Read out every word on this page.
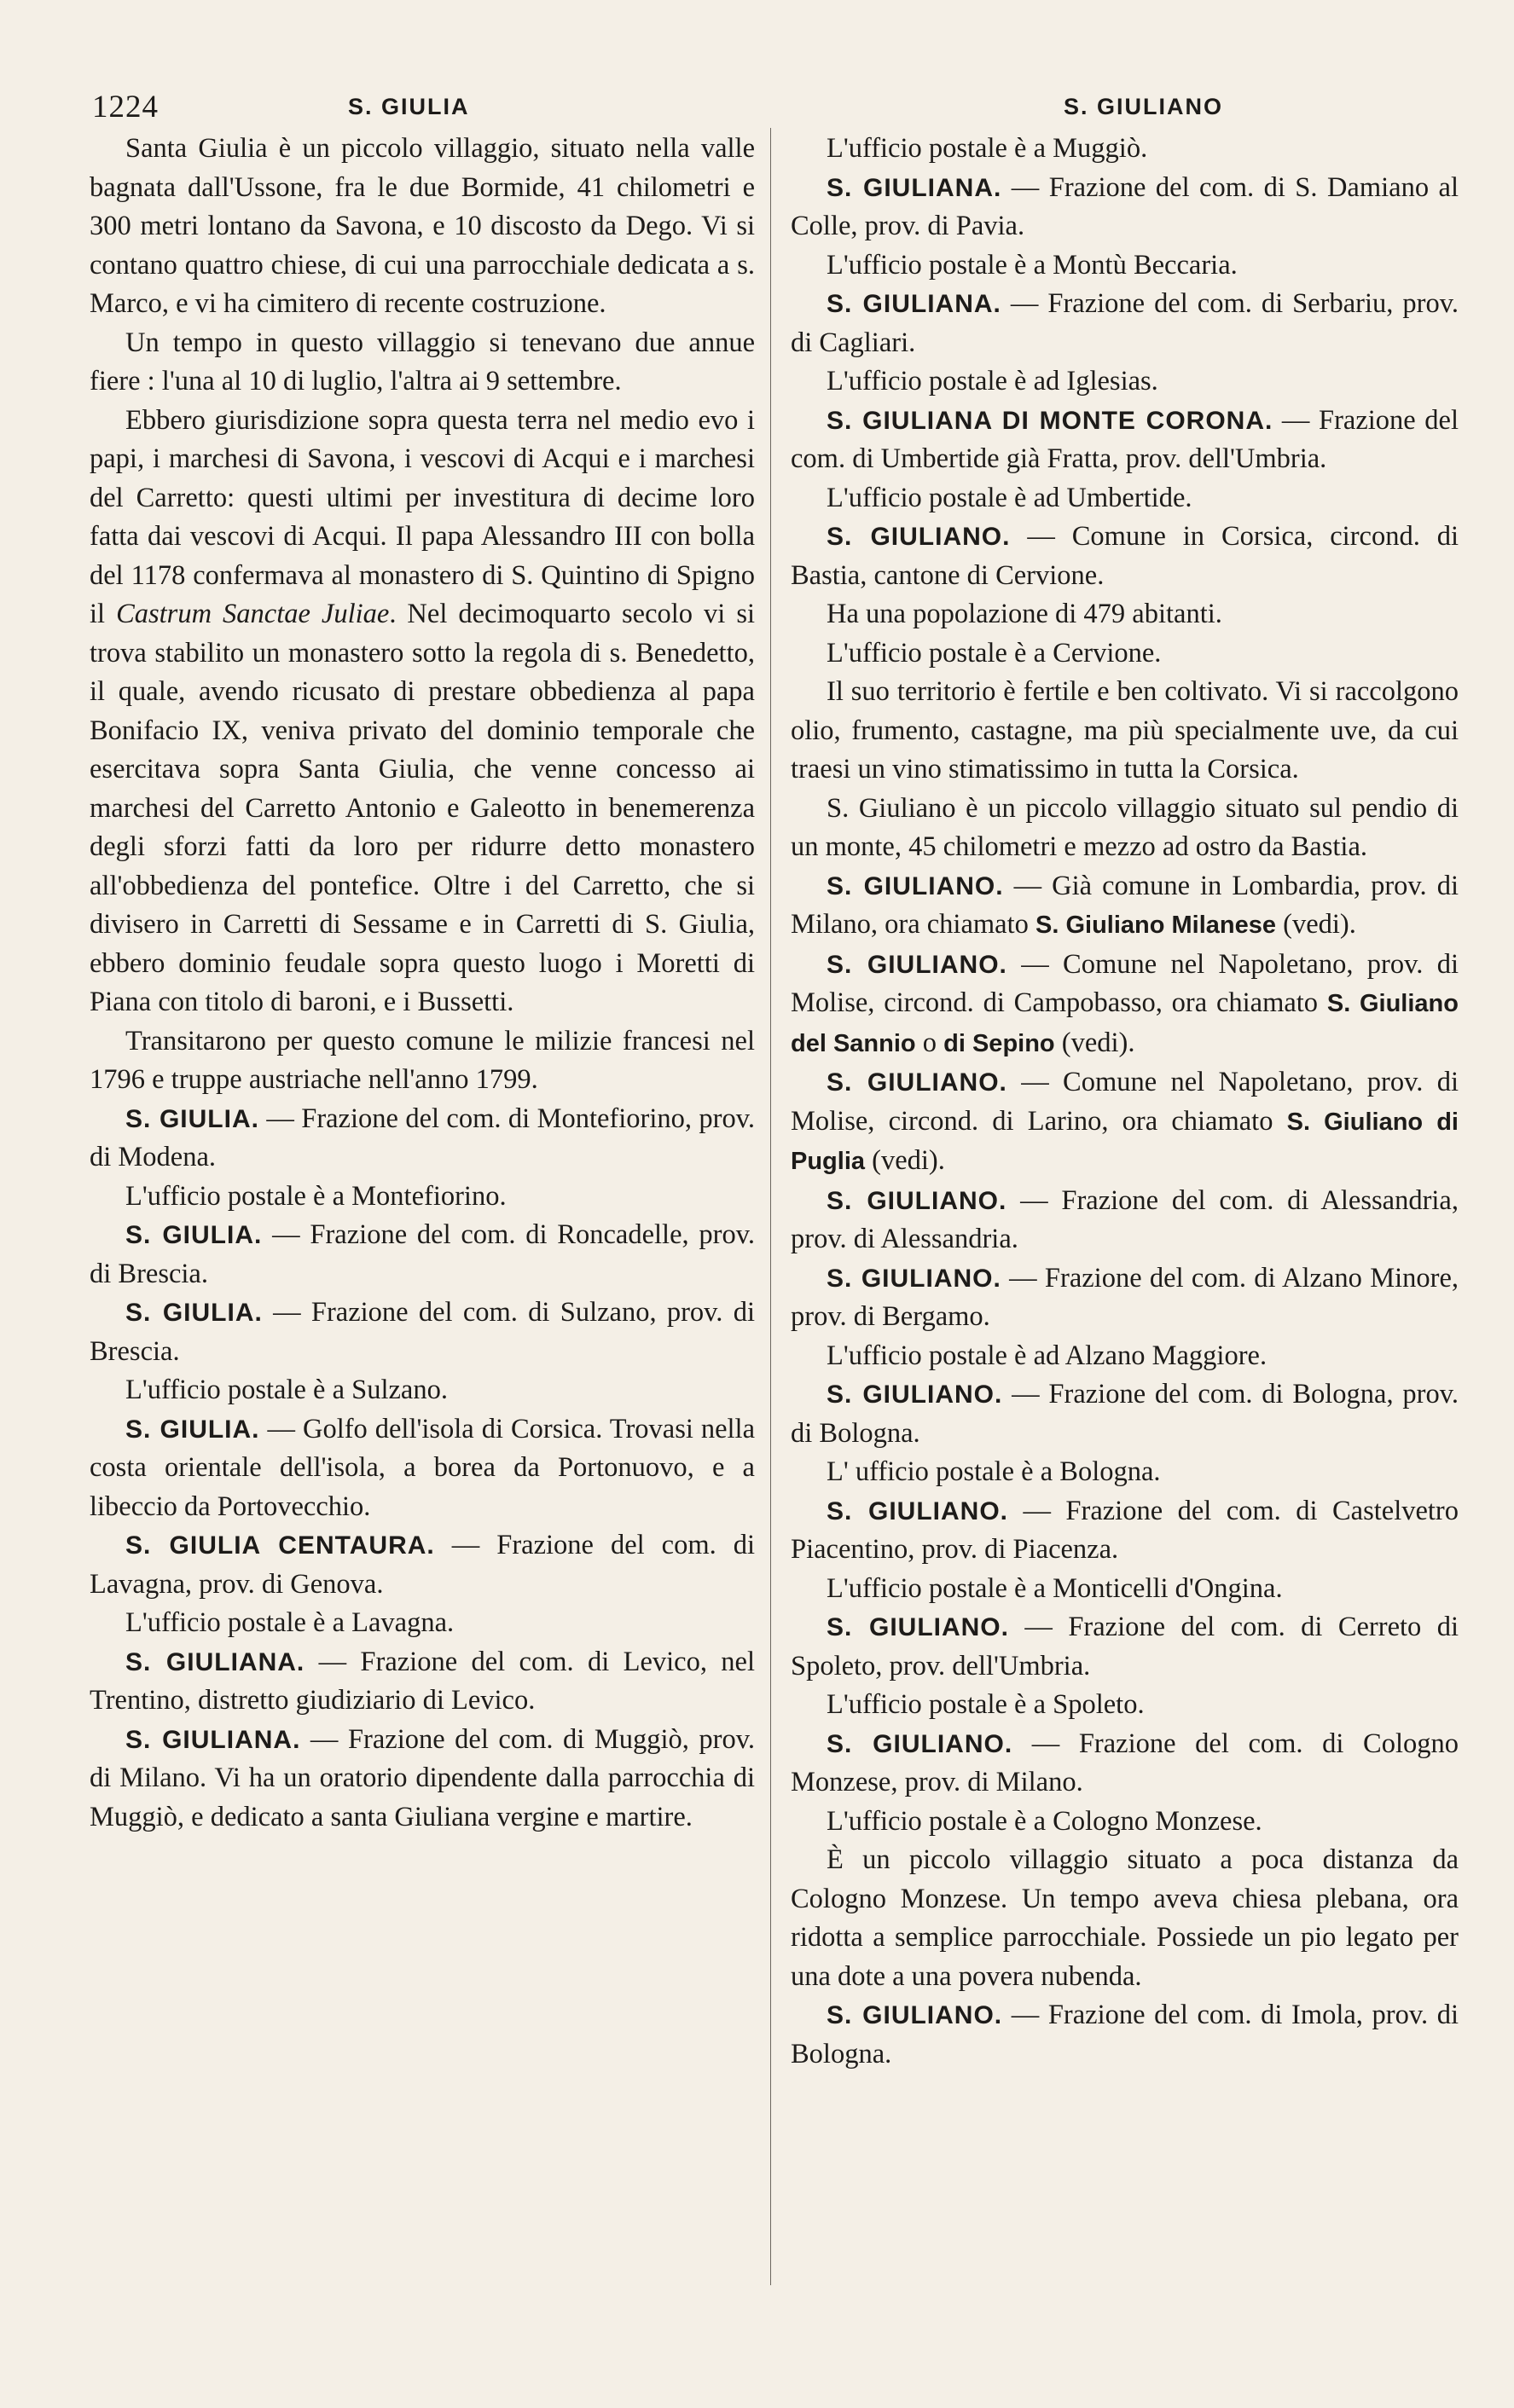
1224	S. GIULIA	S. GIULIANO

Santa Giulia è un piccolo villaggio, situato nella valle bagnata dall'Ussone, fra le due Bormide, 41 chilometri e 300 metri lontano da Savona, e 10 discosto da Dego. Vi si contano quattro chiese, di cui una parrocchiale dedicata a s. Marco, e vi ha cimitero di recente costruzione.

Un tempo in questo villaggio si tenevano due annue fiere : l'una al 10 di luglio, l'altra ai 9 settembre.

Ebbero giurisdizione sopra questa terra nel medio evo i papi, i marchesi di Savona, i vescovi di Acqui e i marchesi del Carretto: questi ultimi per investitura di decime loro fatta dai vescovi di Acqui. Il papa Alessandro III con bolla del 1178 confermava al monastero di S. Quintino di Spigno il Castrum Sanctae Juliae. Nel decimoquarto secolo vi si trova stabilito un monastero sotto la regola di s. Benedetto, il quale, avendo ricusato di prestare obbedienza al papa Bonifacio IX, veniva privato del dominio temporale che esercitava sopra Santa Giulia, che venne concesso ai marchesi del Carretto Antonio e Galeotto in benemerenza degli sforzi fatti da loro per ridurre detto monastero all'obbedienza del pontefice. Oltre i del Carretto, che si divisero in Carretti di Sessame e in Carretti di S. Giulia, ebbero dominio feudale sopra questo luogo i Moretti di Piana con titolo di baroni, e i Bussetti.

Transitarono per questo comune le milizie francesi nel 1796 e truppe austriache nell'anno 1799.

S. GIULIA. — Frazione del com. di Montefiorino, prov. di Modena.

L'ufficio postale è a Montefiorino.

S. GIULIA. — Frazione del com. di Roncadelle, prov. di Brescia.

S. GIULIA. — Frazione del com. di Sulzano, prov. di Brescia.

L'ufficio postale è a Sulzano.

S. GIULIA. — Golfo dell'isola di Corsica. Trovasi nella costa orientale dell'isola, a borea da Portonuovo, e a libeccio da Portovecchio.

S. GIULIA CENTAURA. — Frazione del com. di Lavagna, prov. di Genova.

L'ufficio postale è a Lavagna.

S. GIULIANA. — Frazione del com. di Levico, nel Trentino, distretto giudiziario di Levico.

S. GIULIANA. — Frazione del com. di Muggiò, prov. di Milano. Vi ha un oratorio dipendente dalla parrocchia di Muggiò, e dedicato a santa Giuliana vergine e martire.

L'ufficio postale è a Muggiò.

S. GIULIANA. — Frazione del com. di S. Damiano al Colle, prov. di Pavia.

L'ufficio postale è a Montù Beccaria.

S. GIULIANA. — Frazione del com. di Serbariu, prov. di Cagliari.

L'ufficio postale è ad Iglesias.

S. GIULIANA DI MONTE CORONA. — Frazione del com. di Umbertide già Fratta, prov. dell'Umbria.

L'ufficio postale è ad Umbertide.

S. GIULIANO. — Comune in Corsica, circond. di Bastia, cantone di Cervione.

Ha una popolazione di 479 abitanti.

L'ufficio postale è a Cervione.

Il suo territorio è fertile e ben coltivato. Vi si raccolgono olio, frumento, castagne, ma più specialmente uve, da cui traesi un vino stimatissimo in tutta la Corsica.

S. Giuliano è un piccolo villaggio situato sul pendio di un monte, 45 chilometri e mezzo ad ostro da Bastia.

S. GIULIANO. — Già comune in Lombardia, prov. di Milano, ora chiamato S. Giuliano Milanese (vedi).

S. GIULIANO. — Comune nel Napoletano, prov. di Molise, circond. di Campobasso, ora chiamato S. Giuliano del Sannio o di Sepino (vedi).

S. GIULIANO. — Comune nel Napoletano, prov. di Molise, circond. di Larino, ora chiamato S. Giuliano di Puglia (vedi).

S. GIULIANO. — Frazione del com. di Alessandria, prov. di Alessandria.

S. GIULIANO. — Frazione del com. di Alzano Minore, prov. di Bergamo.

L'ufficio postale è ad Alzano Maggiore.

S. GIULIANO. — Frazione del com. di Bologna, prov. di Bologna.

L' ufficio postale è a Bologna.

S. GIULIANO. — Frazione del com. di Castelvetro Piacentino, prov. di Piacenza.

L'ufficio postale è a Monticelli d'Ongina.

S. GIULIANO. — Frazione del com. di Cerreto di Spoleto, prov. dell'Umbria.

L'ufficio postale è a Spoleto.

S. GIULIANO. — Frazione del com. di Cologno Monzese, prov. di Milano.

L'ufficio postale è a Cologno Monzese.

È un piccolo villaggio situato a poca distanza da Cologno Monzese. Un tempo aveva chiesa plebana, ora ridotta a semplice parrocchiale. Possiede un pio legato per una dote a una povera nubenda.

S. GIULIANO. — Frazione del com. di Imola, prov. di Bologna.
